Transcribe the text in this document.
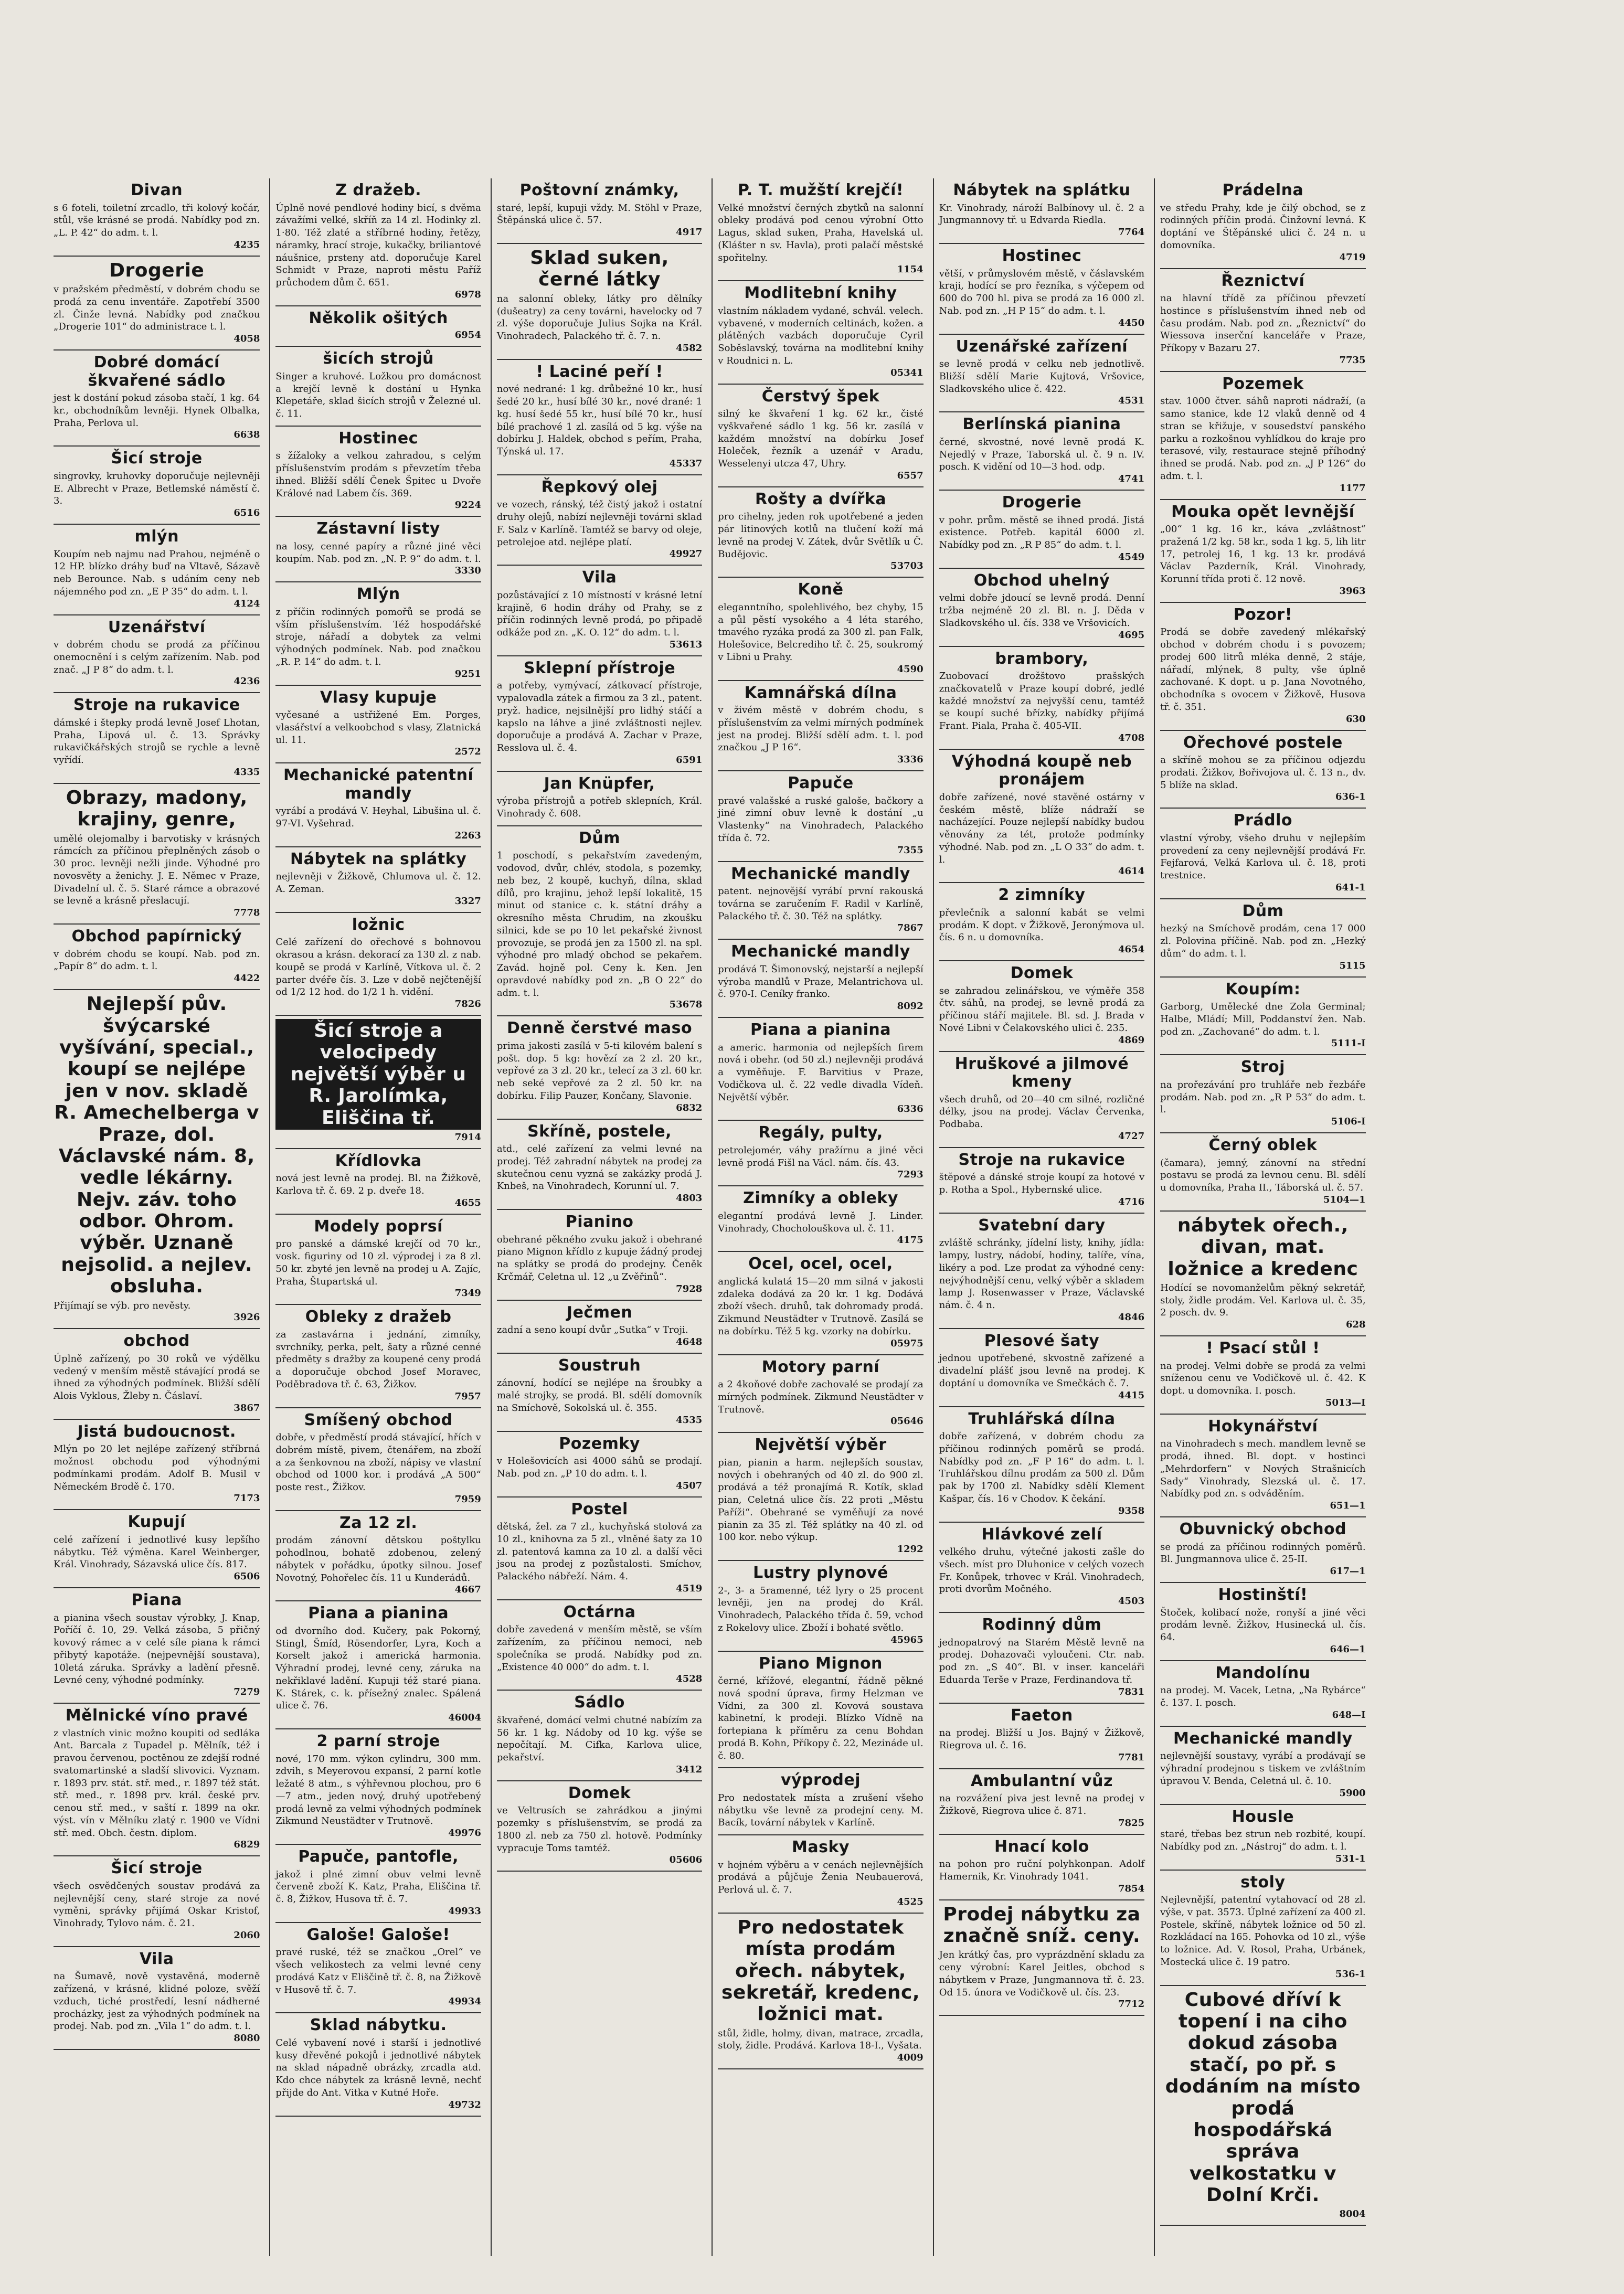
Divan
s 6 foteli, toiletní zrcadlo, tři kolový kočár, stůl, vše krásné se prodá. Nabídky pod zn. „L. P. 42“ do adm. t. l.
4235
Drogerie
v pražském předměstí, v dobrém chodu se prodá za cenu inventáře. Zapotřebí 3500 zl. Činže levná. Nabídky pod značkou „Drogerie 101“ do administrace t. l.
4058
Dobré domácí škvařené sádlo
jest k dostání pokud zásoba stačí, 1 kg. 64 kr., obchodníkům levněji. Hynek Olbalka, Praha, Perlova ul.
6638
Šicí stroje
singrovky, kruhovky doporučuje nejlevněji E. Albrecht v Praze, Betlemské náměstí č. 3.
6516
mlýn
Koupím neb najmu nad Prahou, nejméně o 12 HP. blízko dráhy buď na Vltavě, Sázavě neb Berounce. Nab. s udáním ceny neb nájemného pod zn. „E P 35“ do adm. t. l.
4124
Uzenářství
v dobrém chodu se prodá za příčinou onemocnění i s celým zařízením. Nab. pod znač. „J P 8“ do adm. t. l.
4236
Stroje na rukavice
dámské i štepky prodá levně Josef Lhotan, Praha, Lipová ul. č. 13. Správky rukavičkářských strojů se rychle a levně vyřídí.
4335
Obrazy, madony, krajiny, genre,
umělé olejomalby i barvotisky v krásných rámcích za příčinou přeplněných zásob o 30 proc. levněji nežli jinde. Výhodné pro novosvěty a ženichy. J. E. Němec v Praze, Divadelní ul. č. 5. Staré rámce a obrazové se levně a krásně přeslacují.
7778
Obchod papírnický
v dobrém chodu se koupí. Nab. pod zn. „Papír 8“ do adm. t. l.
4422
Nejlepší pův. švýcarské vyšívání, special., koupí se nejlépe jen v nov. skladě R. Amechelberga v Praze, dol. Václavské nám. 8, vedle lékárny. Nejv. záv. toho odbor. Ohrom. výběr. Uznaně nejsolid. a nejlev. obsluha.
Přijímají se výb. pro nevěsty.
3926
obchod
Úplně zařízený, po 30 roků ve výdělku vedený v menším městě stávající prodá se ihned za výhodných podmínek. Bližší sdělí Alois Vyklous, Žleby n. Čáslaví.
3867
Jistá budoucnost.
Mlýn po 20 let nejlépe zařízený stříbrná možnost obchodu pod výhodnými podmínkami prodám. Adolf B. Musil v Německém Brodě č. 170.
7173
Kupují
celé zařízení i jednotlivé kusy lepšího nábytku. Též výměna. Karel Weinberger, Král. Vinohrady, Sázavská ulice čís. 817.
6506
Piana
a pianina všech soustav výrobky, J. Knap, Poříčí č. 10, 29. Velká zásoba, 5 přičný kovový rámec a v celé síle piana k rámci přibytý kapotáže. (nejpevnější soustava), 10letá záruka. Správky a ladění přesně. Levné ceny, výhodné podmínky.
7279
Mělnické víno pravé
z vlastních vinic možno koupiti od sedláka Ant. Barcala z Tupadel p. Mělník, též i pravou červenou, poctěnou ze zdejší rodné svatomartinské a sladší slivovici. Vyznam. r. 1893 prv. stát. stř. med., r. 1897 též stát. stř. med., r. 1898 prv. král. české prv. cenou stř. med., v saští r. 1899 na okr. výst. vín v Mělníku zlatý r. 1900 ve Vídni stř. med. Obch. čestn. diplom.
6829
Šicí stroje
všech osvědčených soustav prodává za nejlevnější ceny, staré stroje za nové vyměni, správky přijímá Oskar Kristof, Vinohrady, Tylovo nám. č. 21.
2060
Vila
na Šumavě, nově vystavěná, moderně zařízená, v krásné, klidné poloze, svěží vzduch, tiché prostředí, lesní nádherné procházky, jest za výhodných podmínek na prodej. Nab. pod zn. „Vila 1“ do adm. t. l.
8080
Z dražeb.
Úplně nové pendlové hodiny bicí, s dvěma závažími velké, skříň za 14 zl. Hodinky zl. 1·80. Též zlaté a stříbrné hodiny, řetězy, náramky, hrací stroje, kukačky, briliantové náušnice, prsteny atd. doporučuje Karel Schmidt v Praze, naproti městu Paříž průchodem dům č. 651.
6978
Několik ošitých
6954
šicích strojů
Singer a kruhové. Ložkou pro domácnost a krejčí levně k dostání u Hynka Klepetáře, sklad šicích strojů v Železné ul. č. 11.
Hostinec
s žížaloky a velkou zahradou, s celým příslušenstvím prodám s převzetím třeba ihned. Bližší sdělí Čenek Špitec u Dvoře Králové nad Labem čís. 369.
9224
Zástavní listy
na losy, cenné papíry a různé jiné věci koupím. Nab. pod zn. „N. P. 9“ do adm. t. l.
3330
Mlýn
z příčin rodinných pomořů se prodá se vším příslušenstvím. Též hospodářské stroje, nářadí a dobytek za velmi výhodných podmínek. Nab. pod značkou „R. P. 14“ do adm. t. l.
9251
Vlasy kupuje
vyčesané a ustřižené Em. Porges, vlasářství a velkoobchod s vlasy, Zlatnická ul. 11.
2572
Mechanické patentní mandly
vyrábí a prodává V. Heyhal, Libušina ul. č. 97-VI. Vyšehrad.
2263
Nábytek na splátky
nejlevněji v Žižkově, Chlumova ul. č. 12. A. Zeman.
3327
ložnic
Celé zařízení do ořechové s bohnovou okrasou a krásn. dekorací za 130 zl. z nab. koupě se prodá v Karlíně, Vítkova ul. č. 2 parter dvéře čís. 3. Lze v době nejčtenější od 1/2 12 hod. do 1/2 1 h. vidění.
7826
Šicí stroje a velocipedy největší výběr u R. Jarolímka, Eliščina tř.
7914
Křídlovka
nová jest levně na prodej. Bl. na Žižkově, Karlova tř. č. 69. 2 p. dveře 18.
4655
Modely poprsí
pro panské a dámské krejčí od 70 kr., vosk. figuriny od 10 zl. výprodej i za 8 zl. 50 kr. zbyté jen levně na prodej u A. Zajíc, Praha, Štupartská ul.
7349
Obleky z dražeb
za zastavárna i jednání, zimníky, svrchníky, perka, pelt, šaty a různé cenné předměty s dražby za koupené ceny prodá a doporučuje obchod Josef Moravec, Poděbradova tř. č. 63, Žižkov.
7957
Smíšený obchod
dobře, v předměstí prodá stávající, hřích v dobrém místě, pivem, čtenářem, na zboží a za šenkovnou na zboží, nápisy ve vlastní obchod od 1000 kor. i prodává „A 500“ poste rest., Žižkov.
7959
Za 12 zl.
prodám zánovní dětskou poštylku pohodlnou, bohatě zdobenou, zelený nábytek v pořádku, úpotky silnou. Josef Novotný, Pohořelec čís. 11 u Kunderádů.
4667
Piana a pianina
od dvorního dod. Kučery, pak Pokorný, Stingl, Šmíd, Rösendorfer, Lyra, Koch a Korselt jakož i americká harmonia. Výhradní prodej, levné ceny, záruka na nekřiklavé ladění. Kupuji též staré piana. K. Stárek, c. k. přísežný znalec. Spálená ulice č. 76.
46004
2 parní stroje
nové, 170 mm. výkon cylindru, 300 mm. zdvih, s Meyerovou expansí, 2 parní kotle ležaté 8 atm., s výhřevnou plochou, pro 6—7 atm., jeden nový, druhý upotřebený prodá levně za velmi výhodných podmínek Zikmund Neustädter v Trutnově.
49976
Papuče, pantofle,
jakož i plné zimní obuv velmi levně červeně zboží K. Katz, Praha, Eliščina tř. č. 8, Žižkov, Husova tř. č. 7.
49933
Galoše! Galoše!
pravé ruské, též se značkou „Orel“ ve všech velikostech za velmi levné ceny prodává Katz v Eliščině tř. č. 8, na Žižkově v Husově tř. č. 7.
49934
Sklad nábytku.
Celé vybavení nové i starší i jednotlivé kusy dřevěné pokojů i jednotlivé nábytek na sklad nápadně obrázky, zrcadla atd. Kdo chce nábytek za krásně levně, nechť přijde do Ant. Vitka v Kutné Hoře.
49732
Poštovní známky,
staré, lepší, kupuji vždy. M. Stöhl v Praze, Štěpánská ulice č. 57.
4917
Sklad suken, černé látky
na salonní obleky, látky pro dělníky (dušeatry) za ceny továrni, havelocky od 7 zl. výše doporučuje Julius Sojka na Král. Vinohradech, Palackého tř. č. 7. n.
4582
! Laciné peří !
nové nedrané: 1 kg. drůbežné 10 kr., husí šedé 20 kr., husí bílé 30 kr., nové drané: 1 kg. husí šedé 55 kr., husí bílé 70 kr., husí bílé prachové 1 zl. zasílá od 5 kg. výše na dobírku J. Haldek, obchod s peřím, Praha, Týnská ul. 17.
45337
Řepkový olej
ve vozech, ránský, též čistý jakož i ostatní druhy olejů, nabízí nejlevněji továrni sklad F. Salz v Karlíně. Tamtéž se barvy od oleje, petrolejoe atd. nejlépe platí.
49927
Vila
pozůstávající z 10 místností v krásné letní krajině, 6 hodin dráhy od Prahy, se z příčin rodinných levně prodá, po připadě odkáže pod zn. „K. O. 12“ do adm. t. l.
53613
Sklepní přístroje
a potřeby, vymývací, zátkovací přístroje, vypalovadla zátek a firmou za 3 zl., patent. pryž. hadice, nejsilnější pro lidhý stáčí a kapslo na láhve a jiné zvláštnosti nejlev. doporučuje a prodává A. Zachar v Praze, Resslova ul. č. 4.
6591
Jan Knüpfer,
výroba přístrojů a potřeb sklepních, Král. Vinohrady č. 608.
Dům
1 poschodí, s pekařstvím zavedeným, vodovod, dvůr, chlév, stodola, s pozemky, neb bez, 2 koupě, kuchyň, dílna, sklad dílů, pro krajinu, jehož lepší lokalitě, 15 minut od stanice c. k. státní dráhy a okresního města Chrudim, na zkoušku silnici, kde se po 10 let pekařské živnost provozuje, se prodá jen za 1500 zl. na spl. výhodné pro mladý obchod se pekařem. Zavád. hojně pol. Ceny k. Ken. Jen opravdové nabídky pod zn. „B O 22“ do adm. t. l.
53678
Denně čerstvé maso
prima jakosti zasílá v 5-ti kilovém balení s pošt. dop. 5 kg: hovězí za 2 zl. 20 kr., vepřové za 3 zl. 20 kr., telecí za 3 zl. 60 kr. neb seké vepřové za 2 zl. 50 kr. na dobírku. Filip Pauzer, Končany, Slavonie.
6832
Skříně, postele,
atd., celé zařízení za velmi levné na prodej. Též zahradní nábytek na prodej za skutečnou cenu vyzná se zakázky prodá J. Knbeš, na Vinohradech, Korunní ul. 7.
4803
Pianino
obehrané pěkného zvuku jakož i obehrané piano Mignon křídlo z kupuje žádný prodej na splátky se prodá do prodejny. Čeněk Krčmář, Celetna ul. 12 „u Zvěřinů“.
7928
Ječmen
zadní a seno koupí dvůr „Sutka“ v Troji.
4648
Soustruh
zánovní, hodící se nejlépe na šroubky a malé strojky, se prodá. Bl. sdělí domovník na Smíchově, Sokolská ul. č. 355.
4535
Pozemky
v Holešovicích asi 4000 sáhů se prodají. Nab. pod zn. „P 10 do adm. t. l.
4507
Postel
dětská, žel. za 7 zl., kuchyňská stolová za 10 zl., knihovna za 5 zl., vlněné šaty za 10 zl. patentová kamna za 10 zl. a další věci jsou na prodej z pozůstalosti. Smíchov, Palackého nábřeží. Nám. 4.
4519
Octárna
dobře zavedená v menším městě, se vším zařízením, za příčinou nemoci, neb společníka se prodá. Nabídky pod zn. „Existence 40 000“ do adm. t. l.
4528
Sádlo
škvařené, domácí velmi chutné nabízím za 56 kr. 1 kg. Nádoby od 10 kg. výše se nepočítají. M. Cifka, Karlova ulice, pekařství.
3412
Domek
ve Veltrusích se zahrádkou a jinými pozemky s příslušenstvím, se prodá za 1800 zl. neb za 750 zl. hotově. Podmínky vypracuje Toms tamtéž.
05606
P. T. mužští krejčí!
Velké množství černých zbytků na salonní obleky prodává pod cenou výrobní Otto Lagus, sklad suken, Praha, Havelská ul. (Klášter n sv. Havla), proti palačí městské spořitelny.
1154
Modlitební knihy
vlastním nákladem vydané, schvál. velech. vybavené, v moderních celtinách, kožen. a plátěných vazbách doporučuje Cyril Soběslavský, továrna na modlitební knihy v Roudnici n. L.
05341
Čerstvý špek
silný ke škvaření 1 kg. 62 kr., čisté vyškvařené sádlo 1 kg. 56 kr. zasílá v každém množství na dobírku Josef Holeček, řezník a uzenář v Aradu, Wesselenyi utcza 47, Uhry.
6557
Rošty a dvířka
pro cihelny, jeden rok upotřebené a jeden pár litinových kotlů na tlučení koží má levně na prodej V. Zátek, dvůr Světlík u Č. Budějovic.
53703
Koně
eleganntního, spolehlivého, bez chyby, 15 a půl pěstí vysokého a 4 léta starého, tmavého ryzáka prodá za 300 zl. pan Falk, Holešovice, Belcrediho tř. č. 25, soukromý v Libni u Prahy.
4590
Kamnářská dílna
v živém městě v dobrém chodu, s příslušenstvím za velmi mírných podmínek jest na prodej. Bližší sdělí adm. t. l. pod značkou „J P 16“.
3336
Papuče
pravé valašské a ruské galoše, bačkory a jiné zimní obuv levně k dostání „u Vlastenky“ na Vinohradech, Palackého třída č. 72.
7355
Mechanické mandly
patent. nejnovější vyrábí první rakouská továrna se zaručením F. Radil v Karlíně, Palackého tř. č. 30. Též na splátky.
7867
Mechanické mandly
prodává T. Šimonovský, nejstarší a nejlepší výroba mandlů v Praze, Melantrichova ul. č. 970-I. Ceníky franko.
8092
Piana a pianina
a americ. harmonia od nejlepších firem nová i obehr. (od 50 zl.) nejlevněji prodává a vyměňuje. F. Barvitius v Praze, Vodičkova ul. č. 22 vedle divadla Vídeň. Největší výběr.
6336
Regály, pulty,
petrolejomér, váhy pražírnu a jiné věci levně prodá Fišl na Václ. nám. čís. 43.
7293
Zimníky a obleky
elegantní prodává levně J. Linder. Vinohrady, Chocholouškova ul. č. 11.
4175
Ocel, ocel, ocel,
anglická kulatá 15—20 mm silná v jakosti zdaleka dodává za 20 kr. 1 kg. Dodává zboží všech. druhů, tak dohromady prodá. Zikmund Neustädter v Trutnově. Zasílá se na dobírku. Též 5 kg. vzorky na dobírku.
05975
Motory parní
a 2 4koňové dobře zachovalé se prodají za mírných podmínek. Zikmund Neustädter v Trutnově.
05646
Největší výběr
pian, pianin a harm. nejlepších soustav, nových i obehraných od 40 zl. do 900 zl. prodává a též pronajímá R. Kotík, sklad pian, Celetná ulice čís. 22 proti „Městu Paříži“. Obehrané se vyměňují za nové pianin za 35 zl. Též splátky na 40 zl. od 100 kor. nebo výkup.
1292
Lustry plynové
2-, 3- a 5ramenné, též lyry o 25 procent levněji, jen na prodej do Král. Vinohradech, Palackého třída č. 59, vchod z Rokelovy ulice. Zboží i bohaté světlo.
45965
Piano Mignon
černé, křížové, elegantní, řádně pěkné nová spodní úprava, firmy Helzman ve Vídni, za 300 zl. Kovová soustava kabinetní, k prodeji. Blízko Vídně na fortepiana k příměru za cenu Bohdan prodá B. Kohn, Příkopy č. 22, Mezináde ul. č. 80.
výprodej
Pro nedostatek místa a zrušení všeho nábytku vše levně za prodejní ceny. M. Bacík, tovární nábytek v Karlíně.
Masky
v hojném výběru a v cenách nejlevnějších prodává a půjčuje Ženia Neubauerová, Perlová ul. č. 7.
4525
Pro nedostatek místa prodám ořech. nábytek, sekretář, kredenc, ložnici mat.
stůl, židle, holmy, divan, matrace, zrcadla, stoly, židle. Prodává. Karlova 18-I., Vyšata.
4009
Nábytek na splátku
Kr. Vinohrady, nároží Balbínovy ul. č. 2 a Jungmannovy tř. u Edvarda Riedla.
7764
Hostinec
větší, v průmyslovém městě, v čáslavském kraji, hodící se pro řezníka, s výčepem od 600 do 700 hl. piva se prodá za 16 000 zl. Nab. pod zn. „H P 15“ do adm. t. l.
4450
Uzenářské zařízení
se levně prodá v celku neb jednotlivě. Bližší sdělí Marie Kujtová, Vršovice, Sladkovského ulice č. 422.
4531
Berlínská pianina
černé, skvostné, nové levně prodá K. Nejedlý v Praze, Taborská ul. č. 9 n. IV. posch. K vidění od 10—3 hod. odp.
4741
Drogerie
v pohr. prům. městě se ihned prodá. Jistá existence. Potřeb. kapitál 6000 zl. Nabídky pod zn. „R P 85“ do adm. t. l.
4549
Obchod uhelný
velmi dobře jdoucí se levně prodá. Denní tržba nejméně 20 zl. Bl. n. J. Děda v Sladkovského ul. čís. 338 ve Vršovicích.
4695
brambory,
Zuobovací drožštovo prašských značkovatelů v Praze koupí dobré, jedlé každé množství za nejvyšší cenu, tamtéž se koupí suché břízky, nabídky přijímá Frant. Piala, Praha č. 405-VII.
4708
Výhodná koupě neb pronájem
dobře zařízené, nové stavěné ostárny v českém městě, blíže nádraží se nacházející. Pouze nejlepší nabídky budou věnovány za tét, protože podmínky výhodné. Nab. pod zn. „L O 33“ do adm. t. l.
4614
2 zimníky
převlečník a salonní kabát se velmi prodám. K dopt. v Žižkově, Jeronýmova ul. čís. 6 n. u domovníka.
4654
Domek
se zahradou zelinářskou, ve výměře 358 čtv. sáhů, na prodej, se levně prodá za příčinou stáří majitele. Bl. sd. J. Brada v Nové Libni v Čelakovského ulici č. 235.
4869
Hruškové a jilmové kmeny
všech druhů, od 20—40 cm silné, rozličné délky, jsou na prodej. Václav Červenka, Podbaba.
4727
Stroje na rukavice
štěpové a dánské stroje koupí za hotové v p. Rotha a Spol., Hybernské ulice.
4716
Svatební dary
zvláště schránky, jídelní listy, knihy, jídla: lampy, lustry, nádobí, hodiny, talíře, vína, likéry a pod. Lze prodat za výhodné ceny: nejvýhodnější cenu, velký výběr a skladem lamp J. Rosenwasser v Praze, Václavské nám. č. 4 n.
4846
Plesové šaty
jednou upotřebené, skvostně zařízené a divadelní plášť jsou levně na prodej. K doptání u domovníka ve Smečkách č. 7.
4415
Truhlářská dílna
dobře zařízená, v dobrém chodu za příčinou rodinných poměrů se prodá. Nabídky pod zn. „F P 16“ do adm. t. l. Truhlářskou dílnu prodám za 500 zl. Dům pak by 1700 zl. Nabídky sdělí Klement Kašpar, čís. 16 v Chodov. K čekání.
9358
Hlávkové zelí
velkého druhu, výtečné jakosti zašle do všech. míst pro Dluhonice v celých vozech Fr. Konůpek, trhovec v Král. Vinohradech, proti dvorům Močného.
4503
Rodinný dům
jednopatrový na Starém Městě levně na prodej. Dohazovači vyloučeni. Ctr. nab. pod zn. „S 40“. Bl. v inser. kanceláři Eduarda Terše v Praze, Ferdinandova tř.
7831
Faeton
na prodej. Bližší u Jos. Bajný v Žižkově, Riegrova ul. č. 16.
7781
Ambulantní vůz
na rozvážení piva jest levně na prodej v Žižkově, Riegrova ulice č. 871.
7825
Hnací kolo
na pohon pro ruční polyhkonpan. Adolf Hamernik, Kr. Vinohrady 1041.
7854
Prodej nábytku za značně sníž. ceny.
Jen krátký čas, pro vyprázdnění skladu za ceny výrobní: Karel Jeitles, obchod s nábytkem v Praze, Jungmannova tř. č. 23. Od 15. února ve Vodičkově ul. čís. 23.
7712
Prádelna
ve středu Prahy, kde je čilý obchod, se z rodinných příčin prodá. Činžovní levná. K doptání ve Štěpánské ulici č. 24 n. u domovníka.
4719
Řeznictví
na hlavní třídě za příčinou převzetí hostince s příslušenstvím ihned neb od času prodám. Nab. pod zn. „Řeznictví“ do Wiessova inserční kanceláře v Praze, Příkopy v Bazaru 27.
7735
Pozemek
stav. 1000 čtver. sáhů naproti nádraží, (a samo stanice, kde 12 vlaků denně od 4 stran se křižuje, v sousedství panského parku a rozkošnou vyhlídkou do kraje pro terasové, vily, restaurace stejně příhodný ihned se prodá. Nab. pod zn. „J P 126“ do adm. t. l.
1177
Mouka opět levnější
„00“ 1 kg. 16 kr., káva „zvláštnost“ pražená 1/2 kg. 58 kr., soda 1 kg. 5, lih litr 17, petrolej 16, 1 kg. 13 kr. prodává Václav Pazderník, Král. Vinohrady, Korunní třída proti č. 12 nově.
3963
Pozor!
Prodá se dobře zavedený mlékařský obchod v dobrém chodu i s povozem; prodej 600 litrů mléka denně, 2 stáje, nářadí, mlýnek, 8 pulty, vše úplně zachované. K dopt. u p. Jana Novotného, obchodníka s ovocem v Žižkově, Husova tř. č. 351.
630
Ořechové postele
a skříně mohou se za příčinou odjezdu prodati. Žižkov, Bořivojova ul. č. 13 n., dv. 5 blíže na sklad.
636-1
Prádlo
vlastní výroby, všeho druhu v nejlepším provedení za ceny nejlevnější prodává Fr. Fejfarová, Velká Karlova ul. č. 18, proti trestnice.
641-1
Dům
hezký na Smíchově prodám, cena 17 000 zl. Polovina příčině. Nab. pod zn. „Hezký dům“ do adm. t. l.
5115
Koupím:
Garborg, Umělecké dne Zola Germinal; Halbe, Mládí; Mill, Poddanství žen. Nab. pod zn. „Zachované“ do adm. t. l.
5111-I
Stroj
na prořezávání pro truhláře neb řezbáře prodám. Nab. pod zn. „R P 53“ do adm. t. l.
5106-I
Černý oblek
(čamara), jemný, zánovní na střední postavu se prodá za levnou cenu. Bl. sdělí u domovníka, Praha II., Táborská ul. č. 57.
5104—1
nábytek ořech., divan, mat. ložnice a kredenc
Hodící se novomanželům pěkný sekretář, stoly, židle prodám. Vel. Karlova ul. č. 35, 2 posch. dv. 9.
628
! Psací stůl !
na prodej. Velmi dobře se prodá za velmi sníženou cenu ve Vodičkově ul. č. 42. K dopt. u domovníka. I. posch.
5013—I
Hokynářství
na Vinohradech s mech. mandlem levně se prodá, ihned. Bl. dopt. v hostinci „Mehrdorfern“ v Nových Strašnicích Sady“ Vinohrady, Slezská ul. č. 17. Nabídky pod zn. s odváděním.
651—1
Obuvnický obchod
se prodá za příčinou rodinných poměrů. Bl. Jungmannova ulice č. 25-II.
617—1
Hostinští!
Štoček, kolibací nože, ronyší a jiné věci prodám levně. Žižkov, Husinecká ul. čís. 64.
646—1
Mandolínu
na prodej. M. Vacek, Letna, „Na Rybárce“ č. 137. I. posch.
648—I
Mechanické mandly
nejlevnější soustavy, vyrábí a prodávají se výhradní prodejnou s tiskem ve zvláštním úpravou V. Benda, Celetná ul. č. 10.
5900
Housle
staré, třebas bez strun neb rozbité, koupí. Nabídky pod zn. „Nástroj“ do adm. t. l.
531-1
stoly
Nejlevnější, patentní vytahovací od 28 zl. výše, v pat. 3573. Úplné zařízení za 400 zl. Postele, skříně, nábytek ložnice od 50 zl. Rozkládací na 165. Pohovka od 10 zl., výše to ložnice. Ad. V. Rosol, Praha, Urbánek, Mostecká ulice č. 19 patro.
536-1
Cubové dříví k topení i na ciho dokud zásoba stačí, po př. s dodáním na místo prodá hospodářská správa velkostatku v Dolní Krči.
8004
